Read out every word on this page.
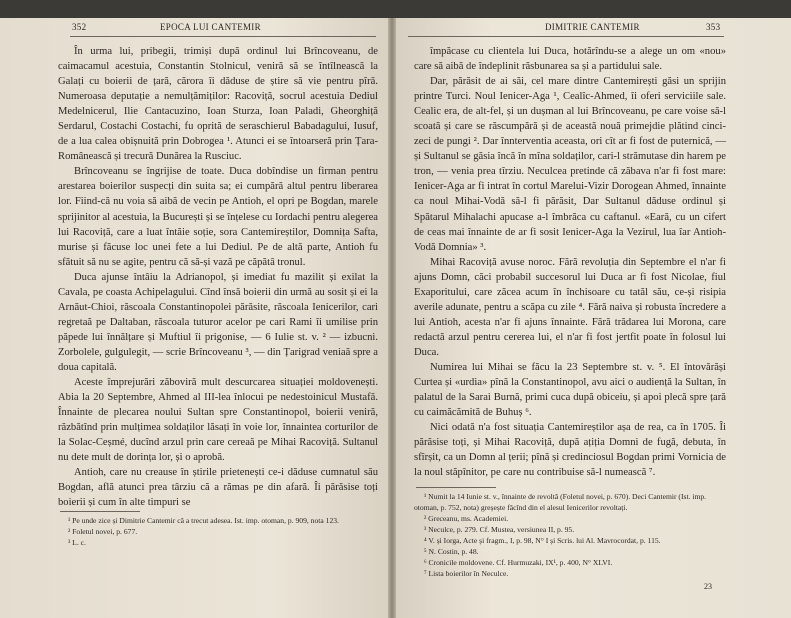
352	EPOCA LUI CANTEMIR

În urma lui, pribegii, trimiși după ordinul lui Brîncoveanu, de caimacamul acestuia, Constantin Stolnicul, veniră să se întîlnească la Galați cu boierii de țară, cărora îi dăduse de știre să vie pentru pîră. Numeroasa deputație a nemulțămiților: Racoviță, socrul acestuia Dediul Medelnicerul, Ilie Cantacuzino, Ioan Sturza, Ioan Paladi, Gheorghiță Serdarul, Costachi Costachi, fu oprită de seraschierul Babadagului, Iusuf, de a lua calea obișnuită prin Dobrogea ¹. Atunci ei se întoarseră prin Țara-Românească și trecură Dunărea la Rusciuc.

Brîncoveanu se îngrijise de toate. Duca dobîndise un firman pentru arestarea boierilor suspecți din suita sa; ei cumpără altul pentru liberarea lor. Fiind-că nu voia să aibă de vecin pe Antioh, el opri pe Bogdan, marele sprijinitor al acestuia, la București și se înțelese cu Iordachi pentru alegerea lui Racoviță, care a luat întăie soție, sora Cantemireștilor, Domnița Safta, murise și făcuse loc unei fete a lui Dediul. Pe de altă parte, Antioh fu sfătuit să nu se agite, pentru că să-și vază pe căpătâ tronul.

Duca ajunse întâiu la Adrianopol, și imediat fu mazilit și exilat la Cavala, pe coasta Achipelagului. Cînd însă boierii din urmă au sosit și ei la Arnăut-Chioi, răscoala Constantinopolei părăsite, răscoala Ienicerilor, cari regretaă pe Daltaban, răscoala tuturor acelor pe cari Rami îi umilise prin păpede lui înnălțare și Muftiul îi prigonise, — 6 Iulie st. v. ² — izbucni. Zorbolele, gulgulegit, — scrie Brîncoveanu ³, — din Țarigrad veniaă spre a doua capitală.

Aceste împrejurări zăboviră mult descurcarea situației moldovenești. Abia la 20 Septembre, Ahmed al III-lea înlocui pe nedestoinicul Mustafă. Înnainte de plecarea noului Sultan spre Constantinopol, boierii veniră, răzbătînd prin mulțimea soldaților lăsați în voie lor, înnaintea corturilor de la Solac-Ceșmé, ducînd arzul prin care cereaă pe Mihai Racoviță. Sultanul nu dete mult de dorința lor, și o aprobă.

Antioh, care nu creause în știrile prietenești ce-i dăduse cumnatul său Bogdan, află atunci prea târziu că a rămas pe din afară. Îi părăsise toți boierii și cum în alte timpuri se

¹ Pe unde zice și Dimitrie Cantemir că a trecut adesea. Ist. imp. otoman, p. 909, nota 123.

² Foletul novei, p. 677.

³ L. c.

DIMITRIE CANTEMIR	353

împăcase cu clientela lui Duca, hotărîndu-se a alege un om «nou» care să aibă de îndeplinit răsbunarea sa și a partidului sale.

Dar, părăsit de ai săi, cel mare dintre Cantemirești găsi un sprijin printre Turci. Noul Ienicer-Aga ¹, Cealîc-Ahmed, îi oferi serviciile sale. Cealic era, de alt-fel, și un dușman al lui Brîncoveanu, pe care voise să-l scoată și care se răscumpără și de această nouă primejdie plătind cinci-zeci de pungi ². Dar înnterventia aceasta, ori cît ar fi fost de puternică, — și Sultanul se găsia încă în mîna soldaților, cari-l strămutase din harem pe tron, — venia prea tîrziu. Neculcea pretinde că zăbava n'ar fi fost mare: Ienicer-Aga ar fi intrat în cortul Marelui-Vizir Dorogean Ahmed, înnainte ca noul Mihai-Vodă să-l fi părăsit, Dar Sultanul dăduse ordinul și Spătarul Mihalachi apucase a-l îmbrăca cu caftanul. «Eară, cu un cifert de ceas mai înnainte de ar fi sosit Ienicer-Aga la Vezirul, lua îar Antioh-Vodă Domnia» ³.

Mihai Racoviță avuse noroc. Fără revoluția din Septembre el n'ar fi ajuns Domn, căci probabil succesorul lui Duca ar fi fost Nicolae, fiul Exaporitului, care zăcea acum în închisoare cu tatăl său, ce-și risipia averile adunate, pentru a scăpa cu zile ⁴. Fără naiva și robusta încredere a lui Antioh, acesta n'ar fi ajuns înnainte. Fără trădarea lui Morona, care redactă arzul pentru cererea lui, el n'ar fi fost jertfit poate în folosul lui Duca.

Numirea lui Mihai se făcu la 23 Septembre st. v. ⁵. El întovărăși Curtea și «urdia» pînă la Constantinopol, avu aici o audiență la Sultan, în palatul de la Sarai Burnă, primi cuca după obiceiu, și apoi plecă spre țară cu caimăcămită de Buhuș ⁶.

Nici odată n'a fost situația Cantemireștilor așa de rea, ca în 1705. Îi părăsise toți, și Mihai Racoviță, după ațiția Domni de fugă, debuta, în sfîrșit, ca un Domn al țerii; pînă și credinciosul Bogdan primi Vornicia de la noul stăpînitor, pe care nu contribuise să-l numească ⁷.

¹ Numit la 14 Iunie st. v., înnainte de revoltă (Foletul novei, p. 670). Deci Cantemir (Ist. imp. otoman, p. 752, nota) greșește făcînd din el alesul Ienicerilor revoltați.

² Greceanu, ms. Academiei.

³ Neculce, p. 279. Cf. Mustea, versiunea II, p. 95.

⁴ V. și Iorga, Acte și fragm., I, p. 98, N° I și Scris. lui Al. Mavrocordat, p. 115.

⁵ N. Costin, p. 48.

⁶ Cronicile moldovene. Cf. Hurmuzaki, IX¹, p. 400, N° XLVI.

⁷ Lista boierilor în Neculce.

23
